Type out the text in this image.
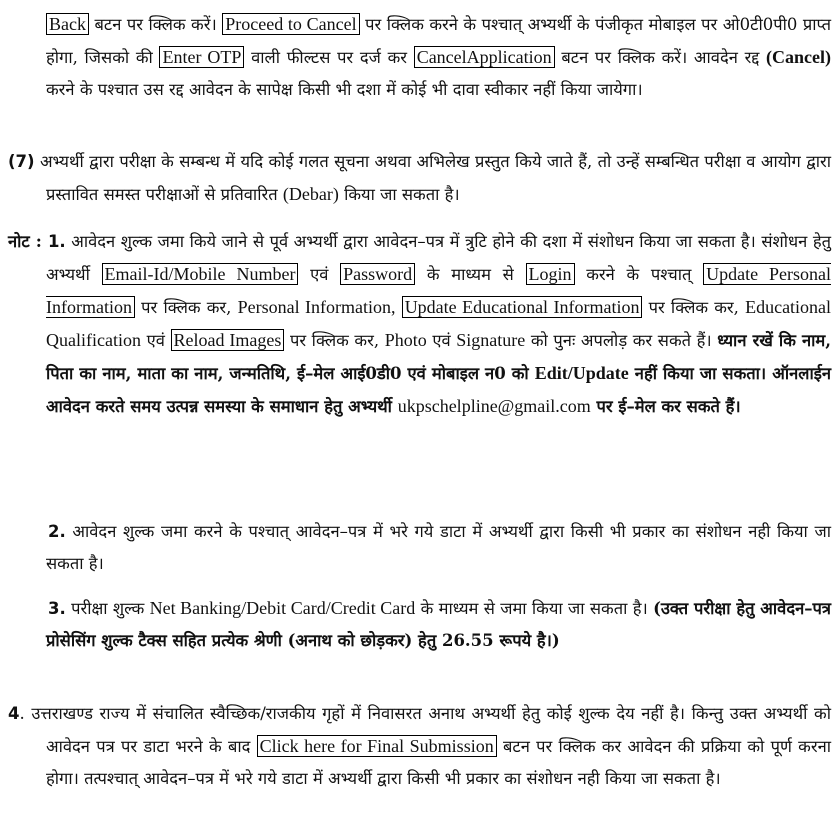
Back बटन पर क्लिक करें। Proceed to Cancel पर क्लिक करने के पश्चात् अभ्यर्थी के पंजीकृत मोबाइल पर ओ0टी0पी0 प्राप्त होगा, जिसको की Enter OTP वाली फील्टस पर दर्ज कर CancelApplication बटन पर क्लिक करें। आवदेन रद्द (Cancel) करने के पश्चात उस रद्द आवेदन के सापेक्ष किसी भी दशा में कोई भी दावा स्वीकार नहीं किया जायेगा।
(7) अभ्यर्थी द्वारा परीक्षा के सम्बन्ध में यदि कोई गलत सूचना अथवा अभिलेख प्रस्तुत किये जाते हैं, तो उन्हें सम्बन्धित परीक्षा व आयोग द्वारा प्रस्तावित समस्त परीक्षाओं से प्रतिवारित (Debar) किया जा सकता है।
नोट : 1. आवेदन शुल्क जमा किये जाने से पूर्व अभ्यर्थी द्वारा आवेदन–पत्र में त्रुटि होने की दशा में संशोधन किया जा सकता है। संशोधन हेतु अभ्यर्थी Email-Id/Mobile Number एवं Password के माध्यम से Login करने के पश्चात् Update Personal Information पर क्लिक कर, Personal Information, Update Educational Information पर क्लिक कर, Educational Qualification एवं Reload Images पर क्लिक कर, Photo एवं Signature को पुनः अपलोड़ कर सकते हैं। ध्यान रखें कि नाम, पिता का नाम, माता का नाम, जन्मतिथि, ई–मेल आई0डी0 एवं मोबाइल न0 को Edit/Update नहीं किया जा सकता। ऑनलाईन आवेदन करते समय उत्पन्न समस्या के समाधान हेतु अभ्यर्थी ukpschelpline@gmail.com पर ई–मेल कर सकते हैं।
2. आवेदन शुल्क जमा करने के पश्चात् आवेदन–पत्र में भरे गये डाटा में अभ्यर्थी द्वारा किसी भी प्रकार का संशोधन नही किया जा सकता है।
3. परीक्षा शुल्क Net Banking/Debit Card/Credit Card के माध्यम से जमा किया जा सकता है। (उक्त परीक्षा हेतु आवेदन–पत्र प्रोसेसिंग शुल्क टैक्स सहित प्रत्येक श्रेणी (अनाथ को छोड़कर) हेतु 26.55 रूपये है।)
4. उत्तराखण्ड राज्य में संचालित स्वैच्छिक/राजकीय गृहों में निवासरत अनाथ अभ्यर्थी हेतु कोई शुल्क देय नहीं है। किन्तु उक्त अभ्यर्थी को आवेदन पत्र पर डाटा भरने के बाद Click here for Final Submission बटन पर क्लिक कर आवेदन की प्रक्रिया को पूर्ण करना होगा। तत्पश्चात् आवेदन–पत्र में भरे गये डाटा में अभ्यर्थी द्वारा किसी भी प्रकार का संशोधन नही किया जा सकता है।
